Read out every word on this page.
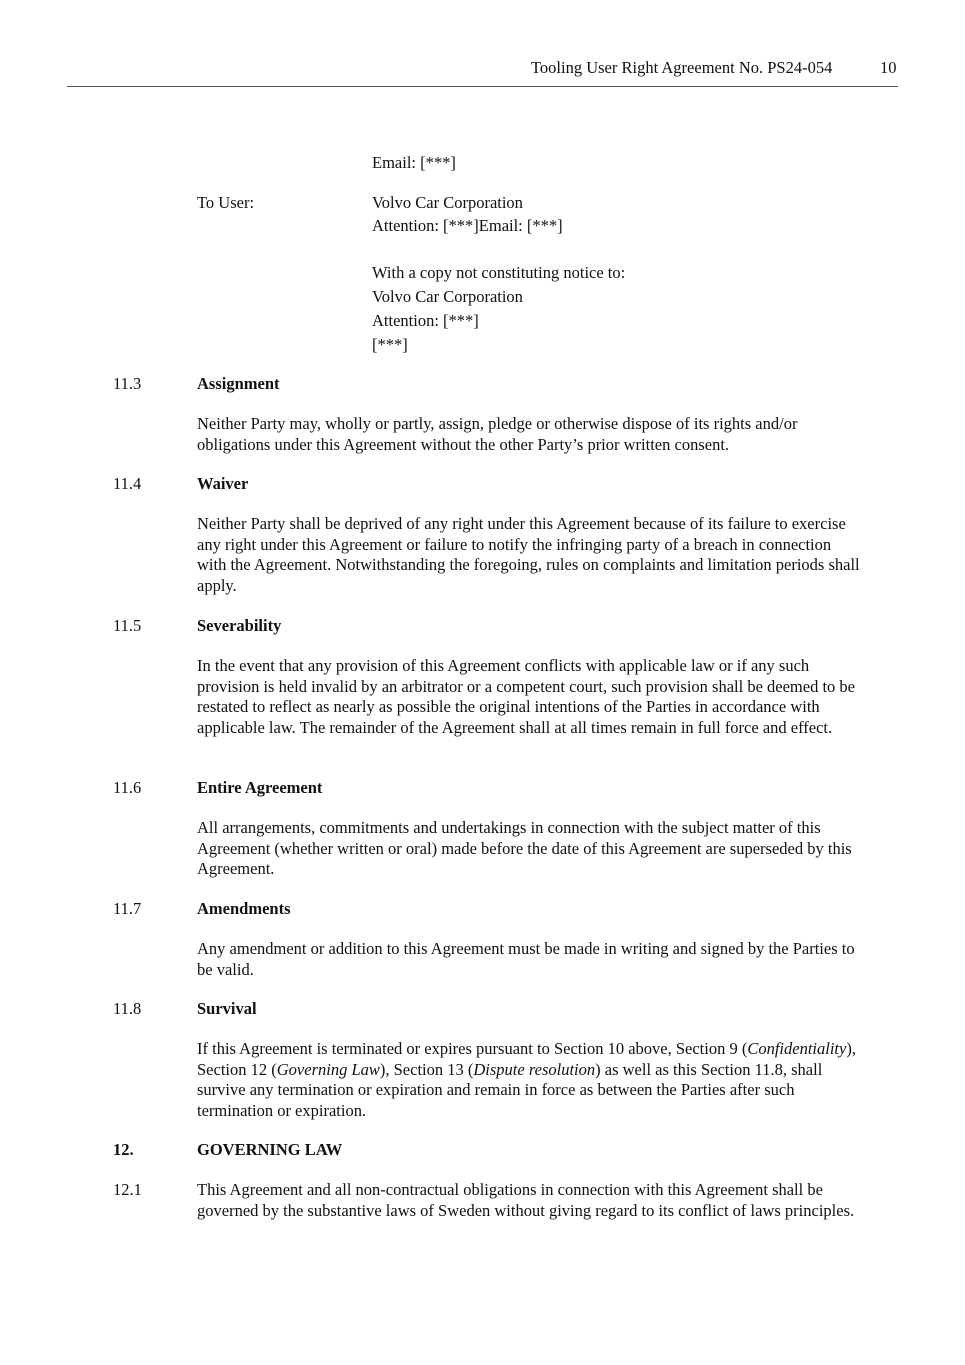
Tooling User Right Agreement No. PS24-054	10
Email: [***]
To User:	Volvo Car Corporation
Attention: [***]Email: [***]
With a copy not constituting notice to:
Volvo Car Corporation
Attention: [***]
[***]
11.3	Assignment

Neither Party may, wholly or partly, assign, pledge or otherwise dispose of its rights and/or obligations under this Agreement without the other Party’s prior written consent.

11.4	Waiver

Neither Party shall be deprived of any right under this Agreement because of its failure to exercise any right under this Agreement or failure to notify the infringing party of a breach in connection with the Agreement. Notwithstanding the foregoing, rules on complaints and limitation periods shall apply.

11.5	Severability

In the event that any provision of this Agreement conflicts with applicable law or if any such provision is held invalid by an arbitrator or a competent court, such provision shall be deemed to be restated to reflect as nearly as possible the original intentions of the Parties in accordance with applicable law. The remainder of the Agreement shall at all times remain in full force and effect.

11.6	Entire Agreement

All arrangements, commitments and undertakings in connection with the subject matter of this Agreement (whether written or oral) made before the date of this Agreement are superseded by this Agreement.

11.7	Amendments

Any amendment or addition to this Agreement must be made in writing and signed by the Parties to be valid.

11.8	Survival

If this Agreement is terminated or expires pursuant to Section 10 above, Section 9 (Confidentiality), Section 12 (Governing Law), Section 13 (Dispute resolution) as well as this Section 11.8, shall survive any termination or expiration and remain in force as between the Parties after such termination or expiration.

12.	GOVERNING LAW
12.1	This Agreement and all non-contractual obligations in connection with this Agreement shall be governed by the substantive laws of Sweden without giving regard to its conflict of laws principles.
